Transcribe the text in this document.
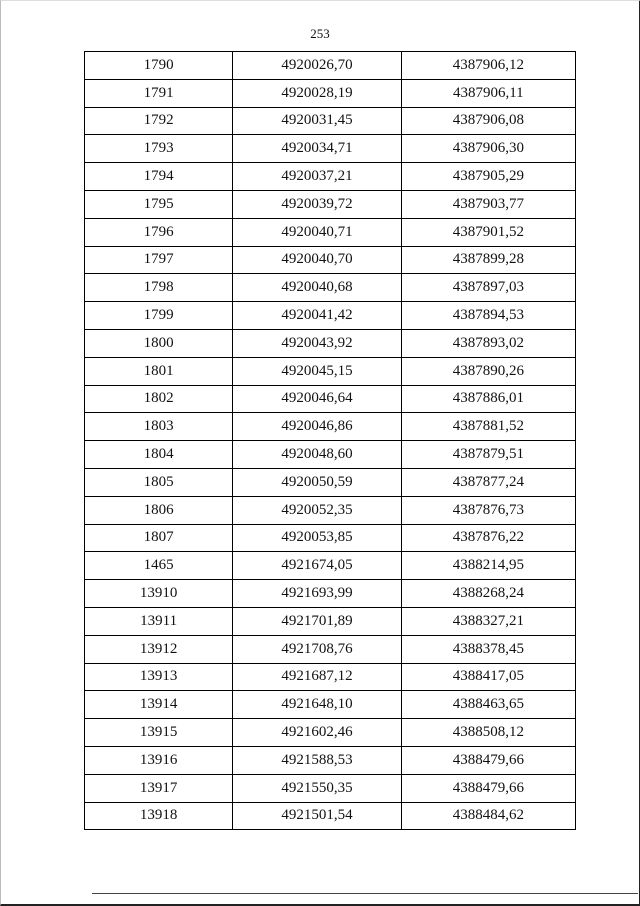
253
1790	4920026,70	4387906,12
1791	4920028,19	4387906,11
1792	4920031,45	4387906,08
1793	4920034,71	4387906,30
1794	4920037,21	4387905,29
1795	4920039,72	4387903,77
1796	4920040,71	4387901,52
1797	4920040,70	4387899,28
1798	4920040,68	4387897,03
1799	4920041,42	4387894,53
1800	4920043,92	4387893,02
1801	4920045,15	4387890,26
1802	4920046,64	4387886,01
1803	4920046,86	4387881,52
1804	4920048,60	4387879,51
1805	4920050,59	4387877,24
1806	4920052,35	4387876,73
1807	4920053,85	4387876,22
1465	4921674,05	4388214,95
13910	4921693,99	4388268,24
13911	4921701,89	4388327,21
13912	4921708,76	4388378,45
13913	4921687,12	4388417,05
13914	4921648,10	4388463,65
13915	4921602,46	4388508,12
13916	4921588,53	4388479,66
13917	4921550,35	4388479,66
13918	4921501,54	4388484,62
